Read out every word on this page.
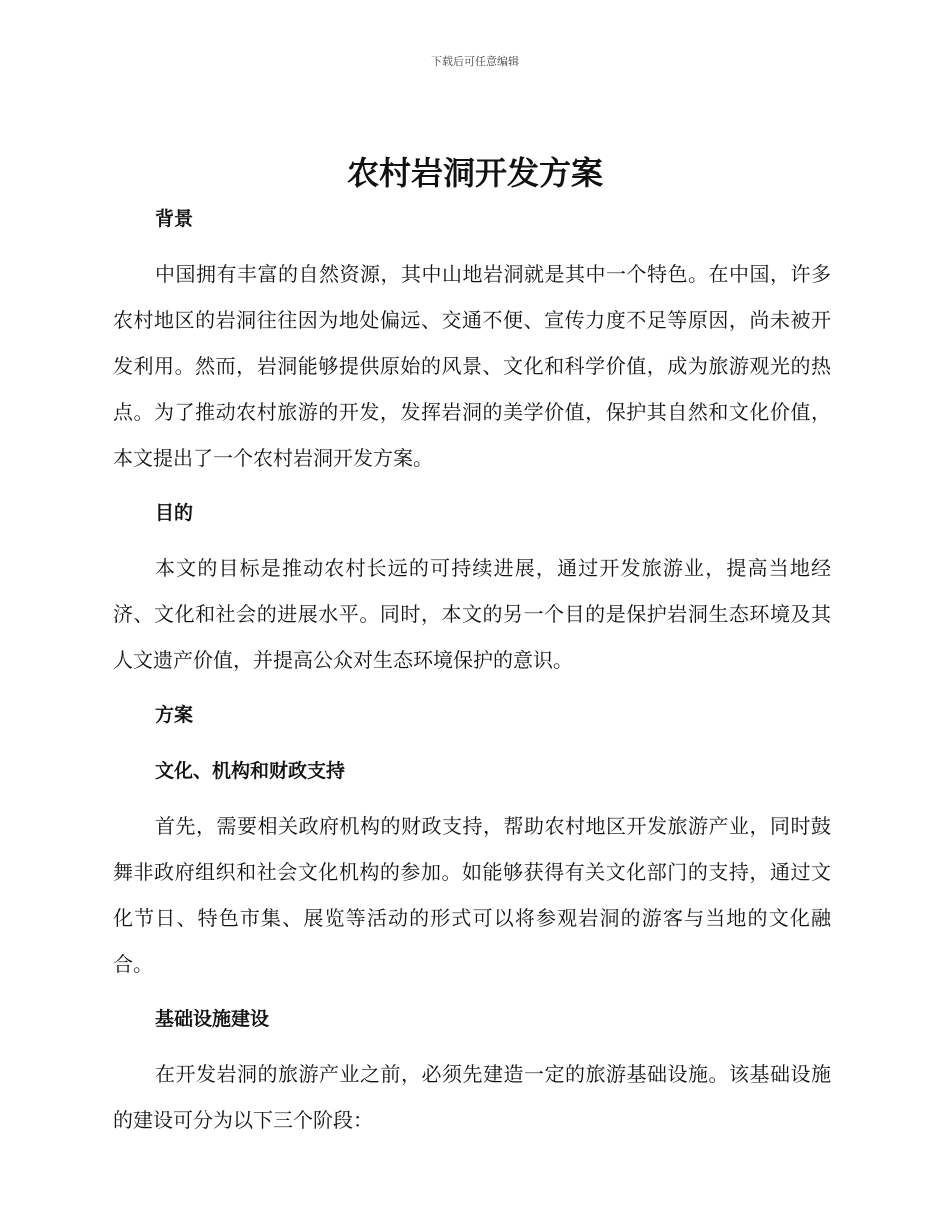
下载后可任意编辑
农村岩洞开发方案

背景

中国拥有丰富的自然资源，其中山地岩洞就是其中一个特色。在中国，许多农村地区的岩洞往往因为地处偏远、交通不便、宣传力度不足等原因，尚未被开发利用。然而，岩洞能够提供原始的风景、文化和科学价值，成为旅游观光的热点。为了推动农村旅游的开发，发挥岩洞的美学价值，保护其自然和文化价值，本文提出了一个农村岩洞开发方案。

目的

本文的目标是推动农村长远的可持续进展，通过开发旅游业，提高当地经济、文化和社会的进展水平。同时，本文的另一个目的是保护岩洞生态环境及其人文遗产价值，并提高公众对生态环境保护的意识。

方案

文化、机构和财政支持

首先，需要相关政府机构的财政支持，帮助农村地区开发旅游产业，同时鼓舞非政府组织和社会文化机构的参加。如能够获得有关文化部门的支持，通过文化节日、特色市集、展览等活动的形式可以将参观岩洞的游客与当地的文化融合。

基础设施建设

在开发岩洞的旅游产业之前，必须先建造一定的旅游基础设施。该基础设施的建设可分为以下三个阶段：
